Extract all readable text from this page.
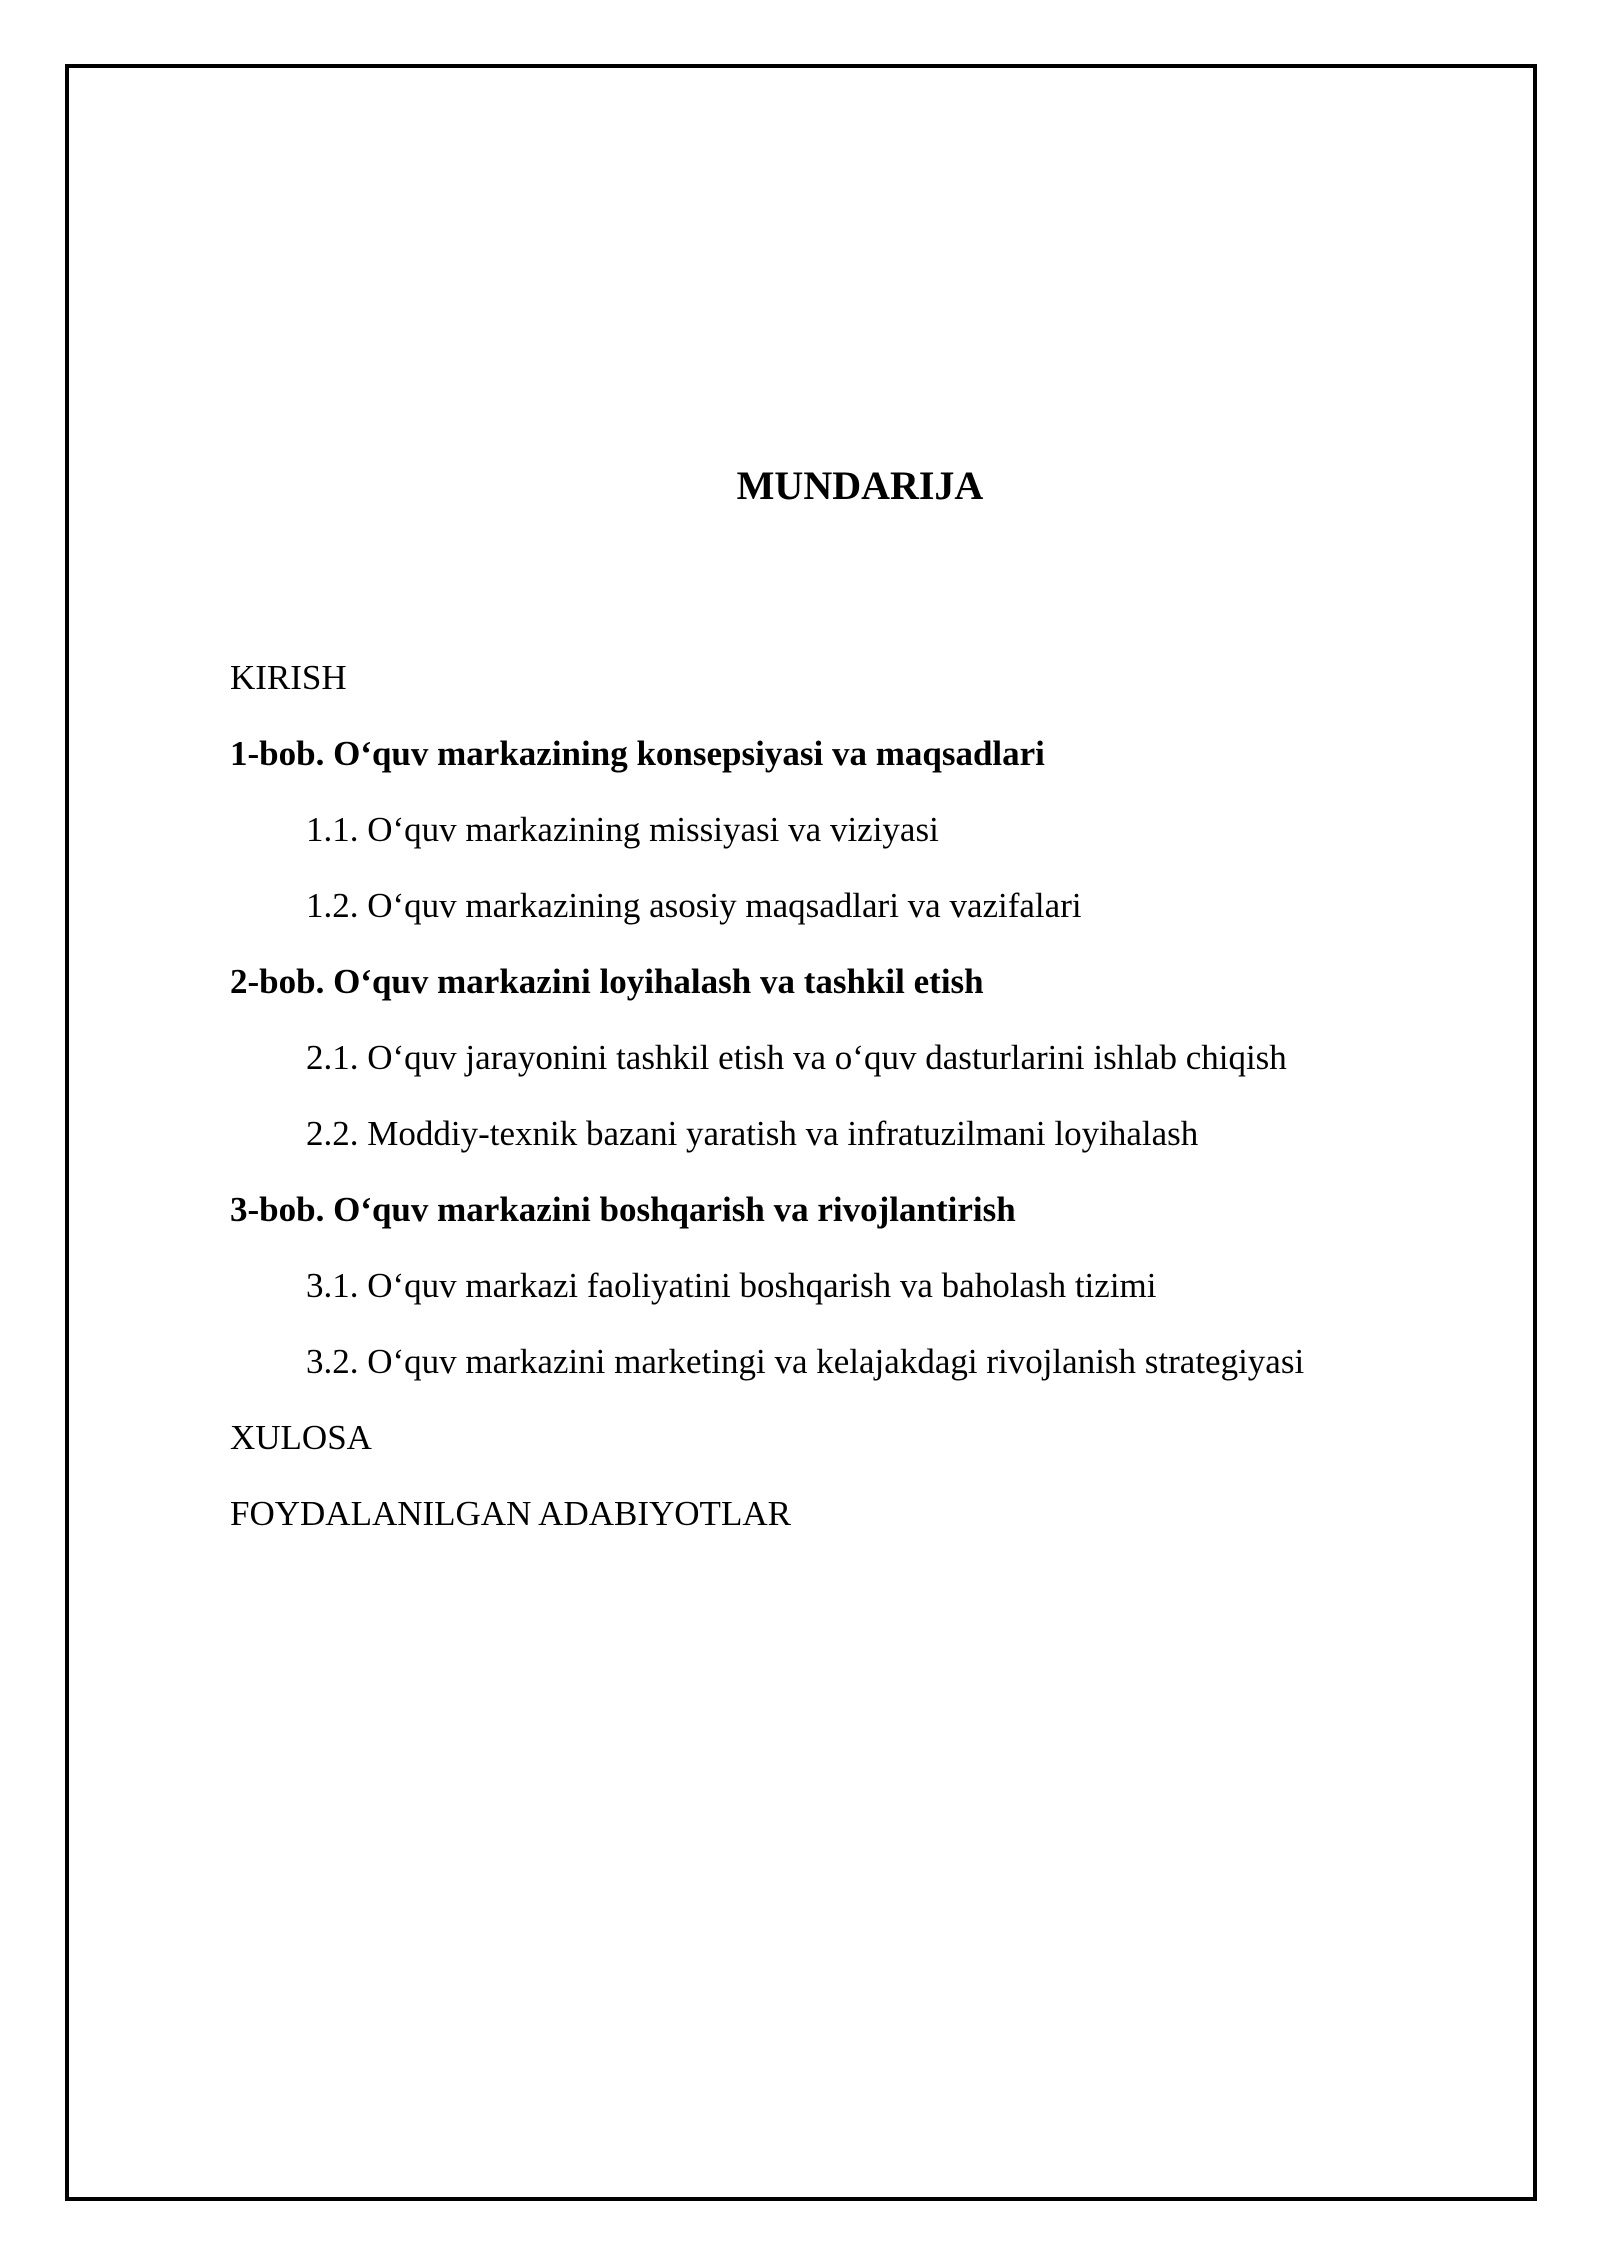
MUNDARIJA
KIRISH
1-bob. O‘quv markazining konsepsiyasi va maqsadlari
1.1. O‘quv markazining missiyasi va viziyasi
1.2. O‘quv markazining asosiy maqsadlari va vazifalari
2-bob. O‘quv markazini loyihalash va tashkil etish
2.1. O‘quv jarayonini tashkil etish va o‘quv dasturlarini ishlab chiqish
2.2. Moddiy-texnik bazani yaratish va infratuzilmani loyihalash
3-bob. O‘quv markazini boshqarish va rivojlantirish
3.1. O‘quv markazi faoliyatini boshqarish va baholash tizimi
3.2. O‘quv markazini marketingi va kelajakdagi rivojlanish strategiyasi
XULOSA
FOYDALANILGAN ADABIYOTLAR
